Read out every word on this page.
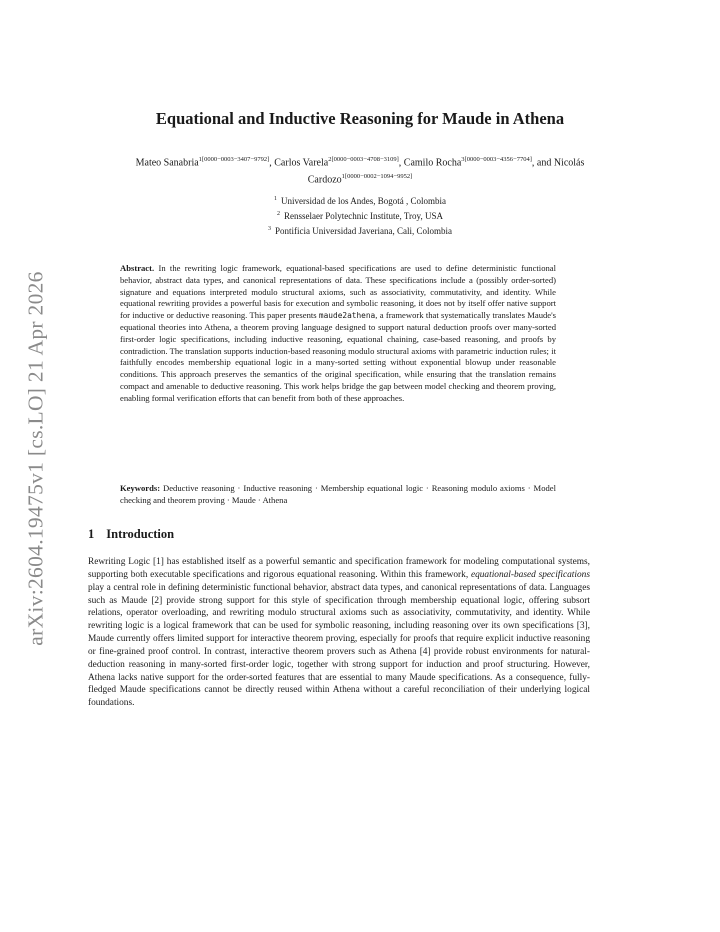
arXiv:2604.19475v1 [cs.LO] 21 Apr 2026
Equational and Inductive Reasoning for Maude in Athena
Mateo Sanabria$^{1[0000-0003-3407-9792]}$, Carlos Varela$^{2[0000-0003-4708-3109]}$, Camilo Rocha$^{3[0000-0003-4356-7704]}$, and Nicolás Cardozo$^{1[0000-0002-1094-9952]}$
$^1$ Universidad de los Andes, Bogotá , Colombia
$^2$ Rensselaer Polytechnic Institute, Troy, USA
$^3$ Pontificia Universidad Javeriana, Cali, Colombia

Abstract. In the rewriting logic framework, equational-based specifications are used to define deterministic functional behavior, abstract data types, and canonical representations of data. These specifications include a (possibly order-sorted) signature and equations interpreted modulo structural axioms, such as associativity, commutativity, and identity. While equational rewriting provides a powerful basis for execution and symbolic reasoning, it does not by itself offer native support for inductive or deductive reasoning. This paper presents maude2athena, a framework that systematically translates Maude's equational theories into Athena, a theorem proving language designed to support natural deduction proofs over many-sorted first-order logic specifications, including inductive reasoning, equational chaining, case-based reasoning, and proofs by contradiction. The translation supports induction-based reasoning modulo structural axioms with parametric induction rules; it faithfully encodes membership equational logic in a many-sorted setting without exponential blowup under reasonable conditions. This approach preserves the semantics of the original specification, while ensuring that the translation remains compact and amenable to deductive reasoning. This work helps bridge the gap between model checking and theorem proving, enabling formal verification efforts that can benefit from both of these approaches.

Keywords: Deductive reasoning · Inductive reasoning · Membership equational logic · Reasoning modulo axioms · Model checking and theorem proving · Maude · Athena

1 Introduction

Rewriting Logic [1] has established itself as a powerful semantic and specification framework for modeling computational systems, supporting both executable specifications and rigorous equational reasoning. Within this framework, equational-based specifications play a central role in defining deterministic functional behavior, abstract data types, and canonical representations of data. Languages such as Maude [2] provide strong support for this style of specification through membership equational logic, offering subsort relations, operator overloading, and rewriting modulo structural axioms such as associativity, commutativity, and identity. While rewriting logic is a logical framework that can be used for symbolic reasoning, including reasoning over its own specifications [3], Maude currently offers limited support for interactive theorem proving, especially for proofs that require explicit inductive reasoning or fine-grained proof control. In contrast, interactive theorem provers such as Athena [4] provide robust environments for natural-deduction reasoning in many-sorted first-order logic, together with strong support for induction and proof structuring. However, Athena lacks native support for the order-sorted features that are essential to many Maude specifications. As a consequence, fully-fledged Maude specifications cannot be directly reused within Athena without a careful reconciliation of their underlying logical foundations.
